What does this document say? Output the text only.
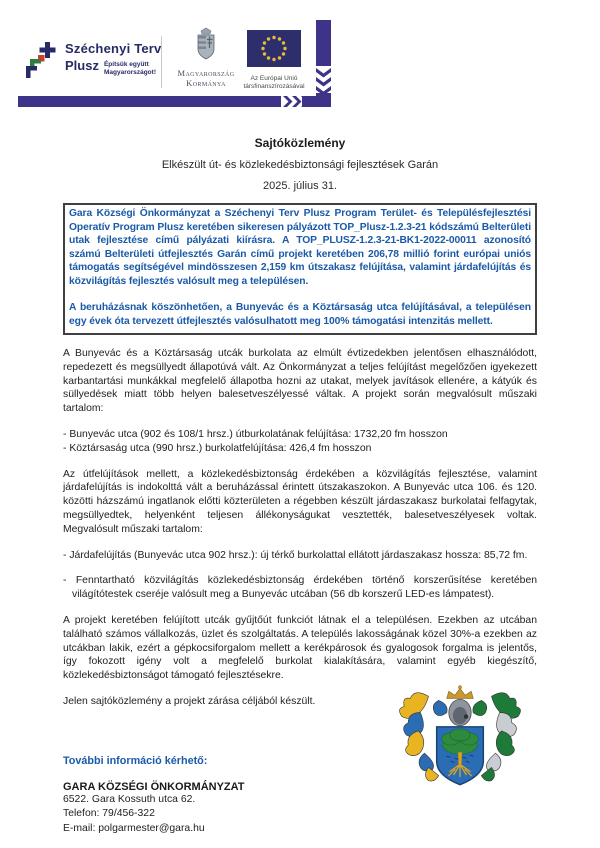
Széchenyi Terv
Plusz Építsük együtt
Magyarországot!	Magyarország
Kormánya	Az Európai Unió
társfinanszírozásával
Sajtóközlemény
Elkészült út- és közlekedésbiztonsági fejlesztések Garán
2025. július 31.

Gara Községi Önkormányzat a Széchenyi Terv Plusz Program Terület- és Településfejlesztési Operatív Program Plusz keretében sikeresen pályázott TOP_Plusz-1.2.3-21 kódszámú Belterületi utak fejlesztése című pályázati kiírásra. A TOP_PLUSZ-1.2.3-21-BK1-2022-00011 azonosító számú Belterületi útfejlesztés Garán című projekt keretében 206,78 millió forint európai uniós támogatás segítségével mindösszesen 2,159 km útszakasz felújítása, valamint járdafelújítás és közvilágítás fejlesztés valósult meg a településen.

A beruházásnak köszönhetően, a Bunyevác és a Köztársaság utca felújításával, a településen egy évek óta tervezett útfejlesztés valósulhatott meg 100% támogatási intenzitás mellett.

A Bunyevác és a Köztársaság utcák burkolata az elmúlt évtizedekben jelentősen elhasználódott, repedezett és megsüllyedt állapotúvá vált. Az Önkormányzat a teljes felújítást megelőzően igyekezett karbantartási munkákkal megfelelő állapotba hozni az utakat, melyek javítások ellenére, a kátyúk és süllyedések miatt több helyen balesetveszélyessé váltak. A projekt során megvalósult műszaki tartalom:

- Bunyevác utca (902 és 108/1 hrsz.) útburkolatának felújítása: 1732,20 fm hosszon
- Köztársaság utca (990 hrsz.) burkolatfelújítása: 426,4 fm hosszon

Az útfelújítások mellett, a közlekedésbiztonság érdekében a közvilágítás fejlesztése, valamint járdafelújítás is indokolttá vált a beruházással érintett útszakaszokon. A Bunyevác utca 106. és 120. közötti házszámú ingatlanok előtti közterületen a régebben készült járdaszakasz burkolatai felfagytak, megsüllyedtek, helyenként teljesen állékonyságukat vesztették, balesetveszélyesek voltak. Megvalósult műszaki tartalom:

- Járdafelújítás (Bunyevác utca 902 hrsz.): új térkő burkolattal ellátott járdaszakasz hossza: 85,72 fm.
- Fenntartható közvilágítás közlekedésbiztonság érdekében történő korszerűsítése keretében világítótestek cseréje valósult meg a Bunyevác utcában (56 db korszerű LED-es lámpatest).

A projekt keretében felújított utcák gyűjtőút funkciót látnak el a településen. Ezekben az utcában található számos vállalkozás, üzlet és szolgáltatás. A település lakosságának közel 30%-a ezekben az utcákban lakik, ezért a gépkocsiforgalom mellett a kerékpárosok és gyalogosok forgalma is jelentős, így fokozott igény volt a megfelelő burkolat kialakítására, valamint egyéb kiegészítő, közlekedésbiztonságot támogató fejlesztésekre.

Jelen sajtóközlemény a projekt zárása céljából készült.

További információ kérhető:
GARA KÖZSÉGI ÖNKORMÁNYZAT
6522. Gara Kossuth utca 62.
Telefon: 79/456-322
E-mail: polgarmester@gara.hu
